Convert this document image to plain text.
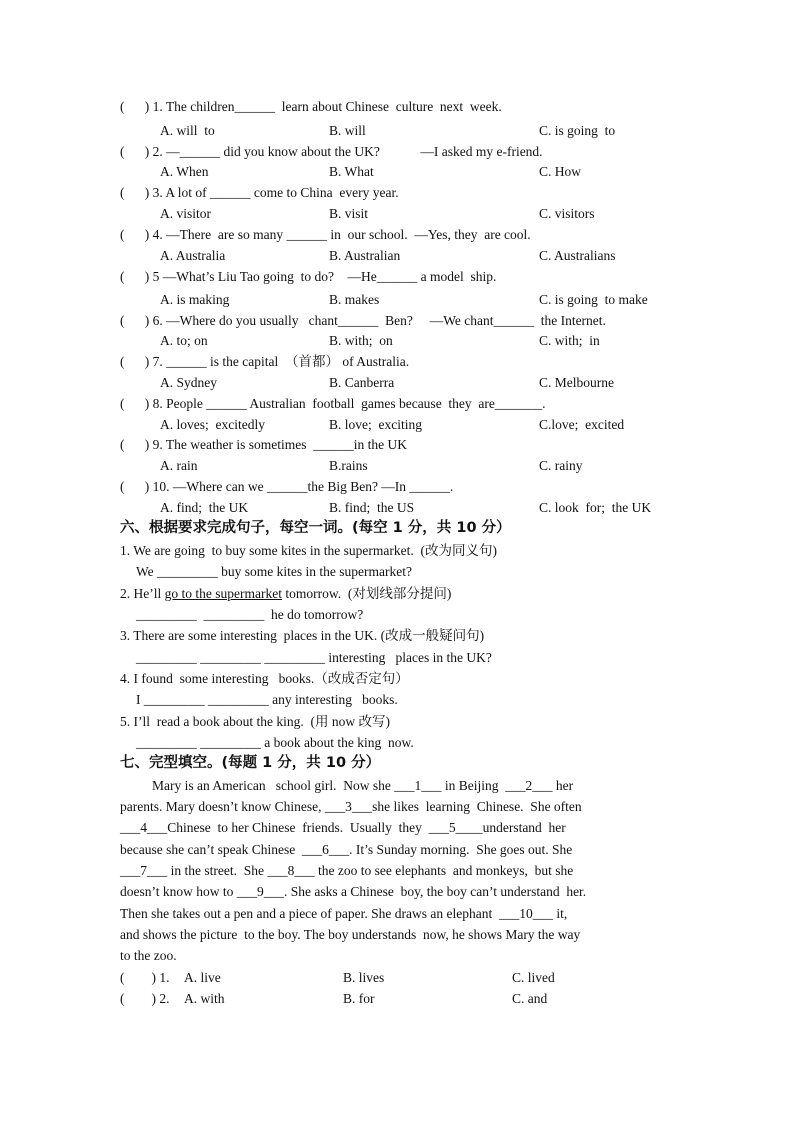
(      ) 1. The children______  learn about Chinese  culture  next  week.
A. will  to	B. will	C. is going  to
(      ) 2. —______ did you know about the UK?            —I asked my e-friend.
A. When	B. What	C. How
(      ) 3. A lot of ______ come to China  every year.
A. visitor	B. visit	C. visitors
(      ) 4. —There  are so many ______ in  our school.  —Yes, they  are cool.
A. Australia	B. Australian	C. Australians
(      ) 5 —What’s Liu Tao going  to do?    —He______ a model  ship.
A. is making	B. makes	C. is going  to make
(      ) 6. —Where do you usually   chant______  Ben?     —We chant______  the Internet.
A. to; on	B. with;  on	C. with;  in
(      ) 7. ______ is the capital  （首都） of Australia.
A. Sydney	B. Canberra	C. Melbourne
(      ) 8. People ______ Australian  football  games because  they  are_______.
A. loves;  excitedly	B. love;  exciting	C.love;  excited
(      ) 9. The weather is sometimes  ______in the UK
A. rain	B.rains	C. rainy
(      ) 10. —Where can we ______the Big Ben? —In ______.
A. find;  the UK	B. find;  the US	C. look  for;  the UK
六、根据要求完成句子，每空一词。(每空 1 分，共 10 分）
1. We are going  to buy some kites in the supermarket.  (改为同义句)
We _________ buy some kites in the supermarket?
2. He’ll go to the supermarket tomorrow.  (对划线部分提问)
_________  _________  he do tomorrow?
3. There are some interesting  places in the UK. (改成一般疑问句)
_________ _________ _________ interesting   places in the UK?
4. I found  some interesting   books.（改成否定句）
I _________ _________ any interesting   books.
5. I’ll  read a book about the king.  (用 now 改写)
_________ _________ a book about the king  now.
七、完型填空。(每题 1 分，共 10 分）
Mary is an American   school girl.  Now she ___1___ in Beijing  ___2___ her
parents. Mary doesn’t know Chinese, ___3___she likes  learning  Chinese.  She often
___4___Chinese  to her Chinese  friends.  Usually  they  ___5____understand  her
because she can’t speak Chinese  ___6___. It’s Sunday morning.  She goes out. She
___7___ in the street.  She ___8___ the zoo to see elephants  and monkeys,  but she
doesn’t know how to ___9___. She asks a Chinese  boy, the boy can’t understand  her.
Then she takes out a pen and a piece of paper. She draws an elephant  ___10___ it,
and shows the picture  to the boy. The boy understands  now, he shows Mary the way
to the zoo.
(        ) 1. A. live	B. lives	C. lived
(        ) 2. A. with	B. for	C. and
